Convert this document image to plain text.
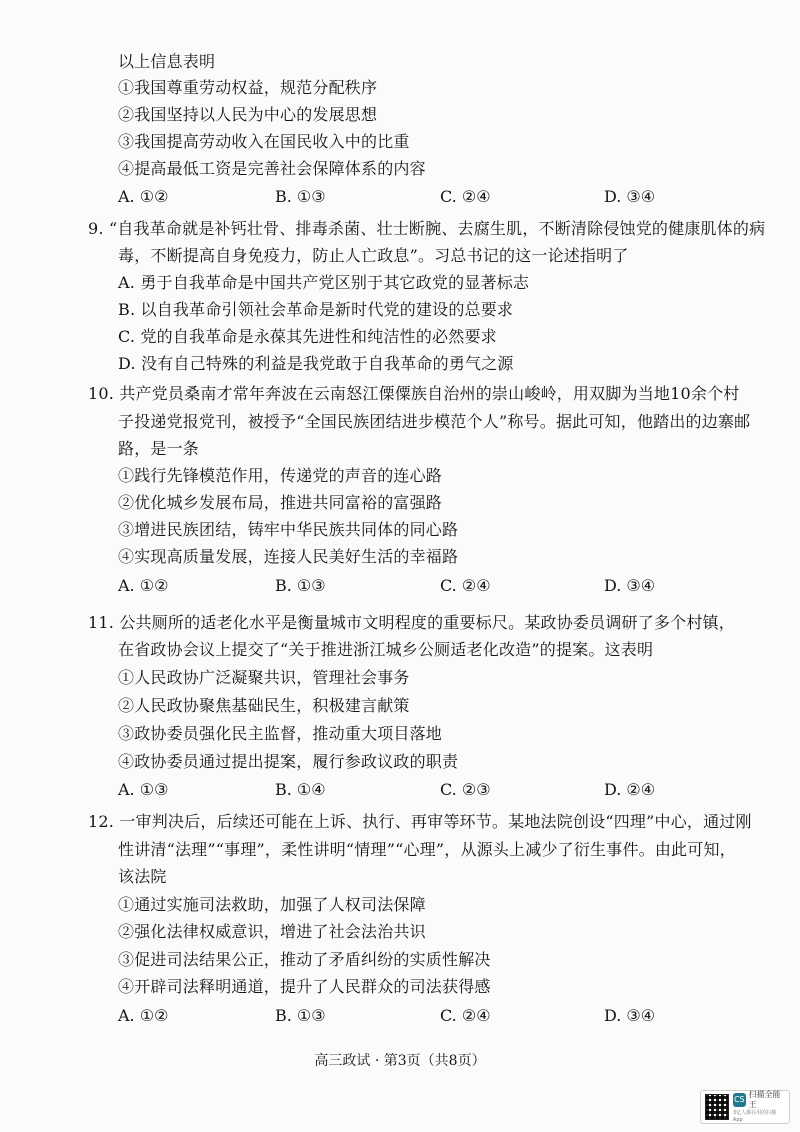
以上信息表明
①我国尊重劳动权益，规范分配秩序
②我国坚持以人民为中心的发展思想
③我国提高劳动收入在国民收入中的比重
④提高最低工资是完善社会保障体系的内容
9. “自我革命就是补钙壮骨、排毒杀菌、壮士断腕、去腐生肌，不断清除侵蚀党的健康肌体的病
毒，不断提高自身免疫力，防止人亡政息”。习总书记的这一论述指明了
A. 勇于自我革命是中国共产党区别于其它政党的显著标志
B. 以自我革命引领社会革命是新时代党的建设的总要求
C. 党的自我革命是永葆其先进性和纯洁性的必然要求
D. 没有自己特殊的利益是我党敢于自我革命的勇气之源
10. 共产党员桑南才常年奔波在云南怒江傈僳族自治州的崇山峻岭，用双脚为当地10余个村
子投递党报党刊，被授予“全国民族团结进步模范个人”称号。据此可知，他踏出的边寨邮
路，是一条
①践行先锋模范作用，传递党的声音的连心路
②优化城乡发展布局，推进共同富裕的富强路
③增进民族团结，铸牢中华民族共同体的同心路
④实现高质量发展，连接人民美好生活的幸福路
11. 公共厕所的适老化水平是衡量城市文明程度的重要标尺。某政协委员调研了多个村镇，
在省政协会议上提交了“关于推进浙江城乡公厕适老化改造”的提案。这表明
①人民政协广泛凝聚共识，管理社会事务
②人民政协聚焦基础民生，积极建言献策
③政协委员强化民主监督，推动重大项目落地
④政协委员通过提出提案，履行参政议政的职责
12. 一审判决后，后续还可能在上诉、执行、再审等环节。某地法院创设“四理”中心，通过刚
性讲清“法理”“事理”，柔性讲明“情理”“心理”，从源头上减少了衍生事件。由此可知，
该法院
①通过实施司法救助，加强了人权司法保障
②强化法律权威意识，增进了社会法治共识
③促进司法结果公正，推动了矛盾纠纷的实质性解决
④开辟司法释明通道，提升了人民群众的司法获得感
A. ①②	B. ①③	C. ②④	D. ③④
A. ①②	B. ①③	C. ②④	D. ③④
A. ①③	B. ①④	C. ②③	D. ②④
A. ①②	B. ①③	C. ②④	D. ③④
高三政试 · 第3页（共8页）
CS
扫描全能王
3亿人都在用的扫描App
